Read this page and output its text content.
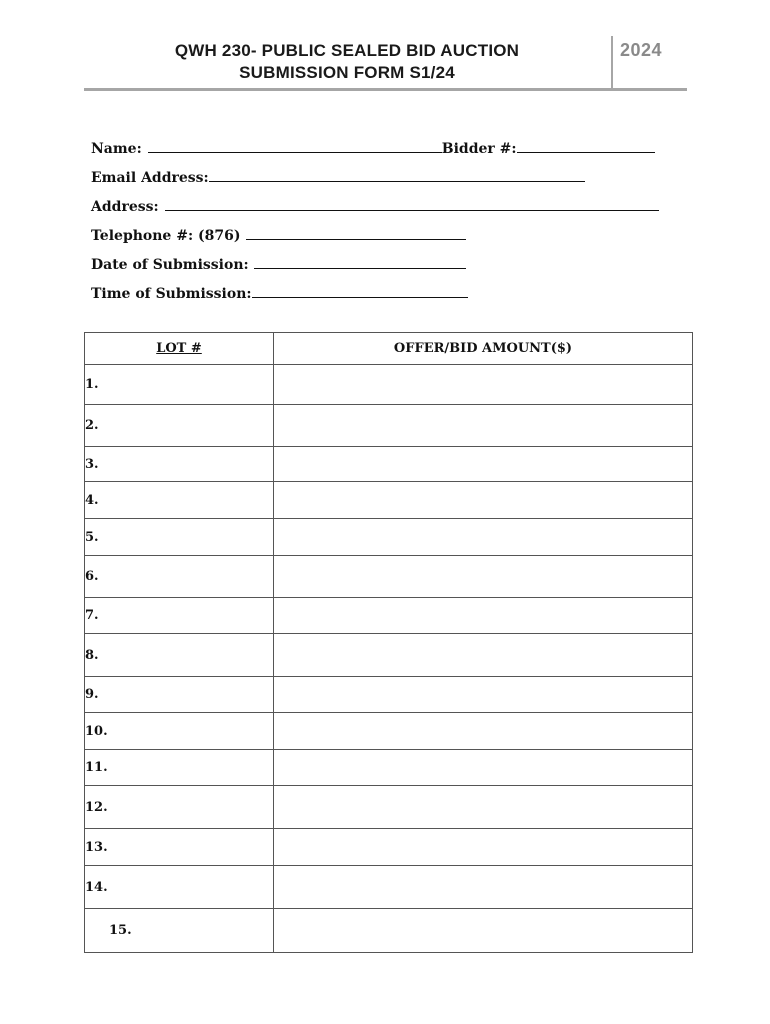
QWH 230- PUBLIC SEALED BID AUCTION
SUBMISSION FORM S1/24
2024
Name:	Bidder #:
Email Address:
Address:
Telephone #: (876)
Date of Submission:
Time of Submission:
LOT #	OFFER/BID AMOUNT($)
1.	
2.	
3.	
4.	
5.	
6.	
7.	
8.	
9.	
10.	
11.	
12.	
13.	
14.	
15.	
